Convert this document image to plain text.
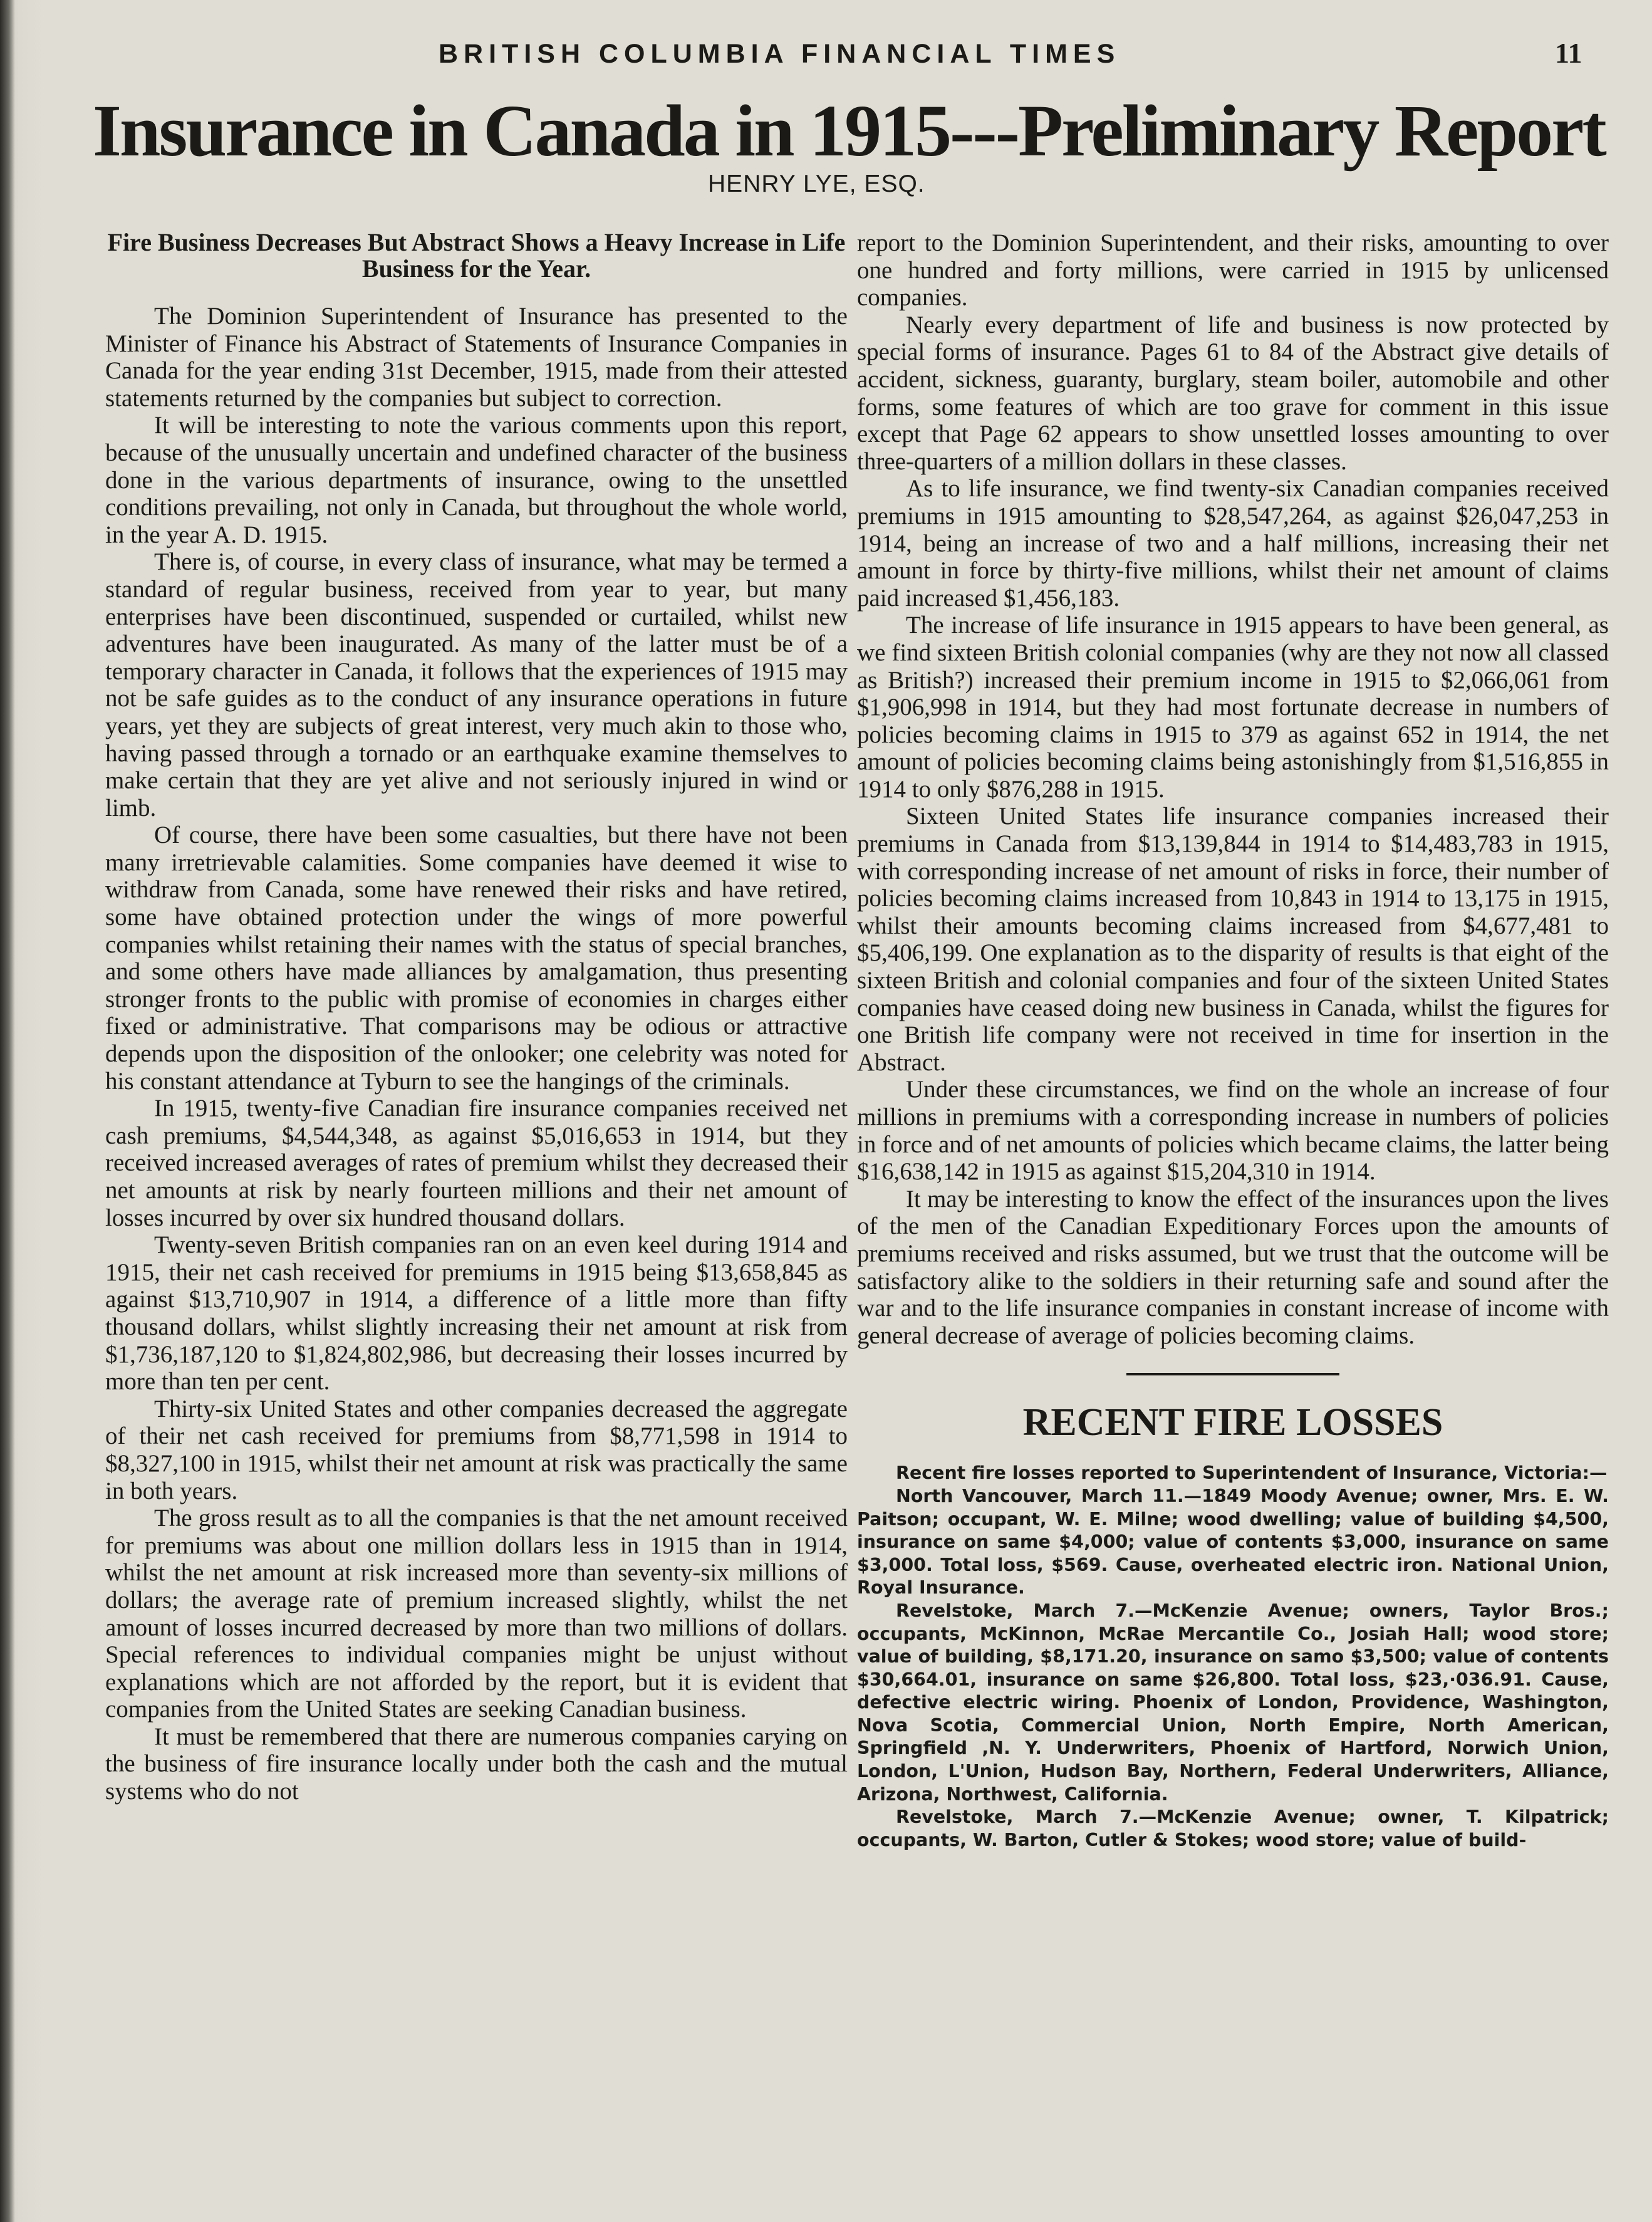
BRITISH COLUMBIA FINANCIAL TIMES	11
Insurance in Canada in 1915---Preliminary Report
HENRY LYE, ESQ.
Fire Business Decreases But Abstract Shows a Heavy Increase in Life Business for the Year.

The Dominion Superintendent of Insurance has presented to the Minister of Finance his Abstract of Statements of Insurance Companies in Canada for the year ending 31st December, 1915, made from their attested statements returned by the companies but subject to correction.

It will be interesting to note the various comments upon this report, because of the unusually uncertain and undefined character of the business done in the various departments of insurance, owing to the unsettled conditions prevailing, not only in Canada, but throughout the whole world, in the year A. D. 1915.

There is, of course, in every class of insurance, what may be termed a standard of regular business, received from year to year, but many enterprises have been discontinued, suspended or curtailed, whilst new adventures have been inaugurated. As many of the latter must be of a temporary character in Canada, it follows that the experiences of 1915 may not be safe guides as to the conduct of any insurance operations in future years, yet they are subjects of great interest, very much akin to those who, having passed through a tornado or an earthquake examine themselves to make certain that they are yet alive and not seriously injured in wind or limb.

Of course, there have been some casualties, but there have not been many irretrievable calamities. Some companies have deemed it wise to withdraw from Canada, some have renewed their risks and have retired, some have obtained protection under the wings of more powerful companies whilst retaining their names with the status of special branches, and some others have made alliances by amalgamation, thus presenting stronger fronts to the public with promise of economies in charges either fixed or administrative. That comparisons may be odious or attractive depends upon the disposition of the onlooker; one celebrity was noted for his constant attendance at Tyburn to see the hangings of the criminals.

In 1915, twenty-five Canadian fire insurance companies received net cash premiums, $4,544,348, as against $5,016,653 in 1914, but they received increased averages of rates of premium whilst they decreased their net amounts at risk by nearly fourteen millions and their net amount of losses incurred by over six hundred thousand dollars.

Twenty-seven British companies ran on an even keel during 1914 and 1915, their net cash received for premiums in 1915 being $13,658,845 as against $13,710,907 in 1914, a difference of a little more than fifty thousand dollars, whilst slightly increasing their net amount at risk from $1,736,187,120 to $1,824,802,986, but decreasing their losses incurred by more than ten per cent.

Thirty-six United States and other companies decreased the aggregate of their net cash received for premiums from $8,771,598 in 1914 to $8,327,100 in 1915, whilst their net amount at risk was practically the same in both years.

The gross result as to all the companies is that the net amount received for premiums was about one million dollars less in 1915 than in 1914, whilst the net amount at risk increased more than seventy-six millions of dollars; the average rate of premium increased slightly, whilst the net amount of losses incurred decreased by more than two millions of dollars. Special references to individual companies might be unjust without explanations which are not afforded by the report, but it is evident that companies from the United States are seeking Canadian business.

It must be remembered that there are numerous companies carying on the business of fire insurance locally under both the cash and the mutual systems who do not

report to the Dominion Superintendent, and their risks, amounting to over one hundred and forty millions, were carried in 1915 by unlicensed companies.

Nearly every department of life and business is now protected by special forms of insurance. Pages 61 to 84 of the Abstract give details of accident, sickness, guaranty, burglary, steam boiler, automobile and other forms, some features of which are too grave for comment in this issue except that Page 62 appears to show unsettled losses amounting to over three-quarters of a million dollars in these classes.

As to life insurance, we find twenty-six Canadian companies received premiums in 1915 amounting to $28,547,264, as against $26,047,253 in 1914, being an increase of two and a half millions, increasing their net amount in force by thirty-five millions, whilst their net amount of claims paid increased $1,456,183.

The increase of life insurance in 1915 appears to have been general, as we find sixteen British colonial companies (why are they not now all classed as British?) increased their premium income in 1915 to $2,066,061 from $1,906,998 in 1914, but they had most fortunate decrease in numbers of policies becoming claims in 1915 to 379 as against 652 in 1914, the net amount of policies becoming claims being astonishingly from $1,516,855 in 1914 to only $876,288 in 1915.

Sixteen United States life insurance companies increased their premiums in Canada from $13,139,844 in 1914 to $14,483,783 in 1915, with corresponding increase of net amount of risks in force, their number of policies becoming claims increased from 10,843 in 1914 to 13,175 in 1915, whilst their amounts becoming claims increased from $4,677,481 to $5,406,199. One explanation as to the disparity of results is that eight of the sixteen British and colonial companies and four of the sixteen United States companies have ceased doing new business in Canada, whilst the figures for one British life company were not received in time for insertion in the Abstract.

Under these circumstances, we find on the whole an increase of four millions in premiums with a corresponding increase in numbers of policies in force and of net amounts of policies which became claims, the latter being $16,638,142 in 1915 as against $15,204,310 in 1914.

It may be interesting to know the effect of the insurances upon the lives of the men of the Canadian Expeditionary Forces upon the amounts of premiums received and risks assumed, but we trust that the outcome will be satisfactory alike to the soldiers in their returning safe and sound after the war and to the life insurance companies in constant increase of income with general decrease of average of policies becoming claims.

RECENT FIRE LOSSES

Recent fire losses reported to Superintendent of Insurance, Victoria:—

North Vancouver, March 11.—1849 Moody Avenue; owner, Mrs. E. W. Paitson; occupant, W. E. Milne; wood dwelling; value of building $4,500, insurance on same $4,000; value of contents $3,000, insurance on same $3,000. Total loss, $569. Cause, overheated electric iron. National Union, Royal Insurance.

Revelstoke, March 7.—McKenzie Avenue; owners, Taylor Bros.; occupants, McKinnon, McRae Mercantile Co., Josiah Hall; wood store; value of building, $8,171.20, insurance on samo $3,500; value of contents $30,664.01, insurance on same $26,800. Total loss, $23,·036.91. Cause, defective electric wiring. Phoenix of London, Providence, Washington, Nova Scotia, Commercial Union, North Empire, North American, Springfield ,N. Y. Underwriters, Phoenix of Hartford, Norwich Union, London, L'Union, Hudson Bay, Northern, Federal Underwriters, Alliance, Arizona, Northwest, California.

Revelstoke, March 7.—McKenzie Avenue; owner, T. Kilpatrick; occupants, W. Barton, Cutler & Stokes; wood store; value of build-
